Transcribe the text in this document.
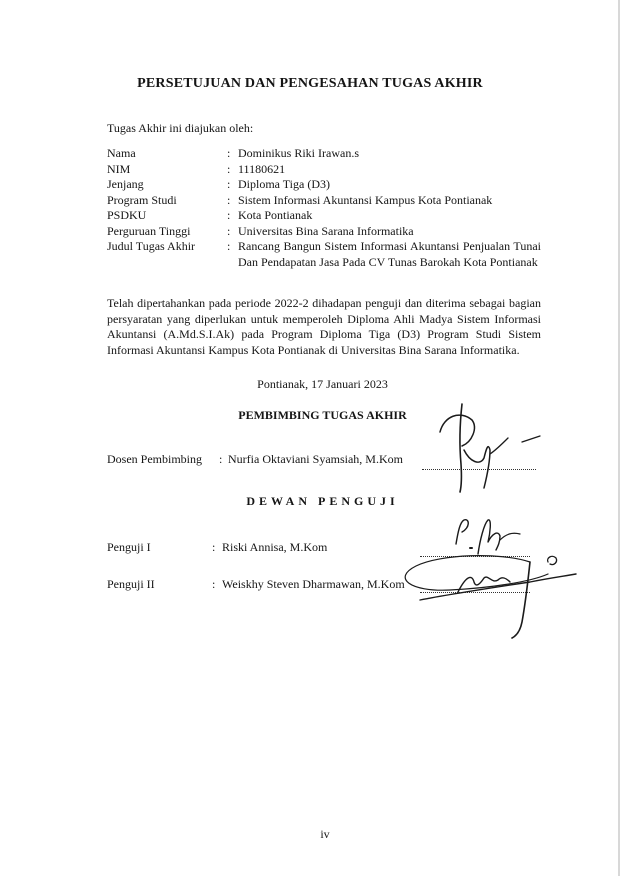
PERSETUJUAN DAN PENGESAHAN TUGAS AKHIR
Tugas Akhir ini diajukan oleh:
Nama	: Dominikus Riki Irawan.s
NIM	: 11180621
Jenjang	: Diploma Tiga (D3)
Program Studi	: Sistem Informasi Akuntansi Kampus Kota Pontianak
PSDKU	: Kota Pontianak
Perguruan Tinggi	: Universitas Bina Sarana Informatika
Judul Tugas Akhir	: Rancang Bangun Sistem Informasi Akuntansi Penjualan Tunai Dan Pendapatan Jasa Pada CV Tunas Barokah Kota Pontianak
Telah dipertahankan pada periode 2022-2 dihadapan penguji dan diterima sebagai bagian persyaratan yang diperlukan untuk memperoleh Diploma Ahli Madya Sistem Informasi Akuntansi (A.Md.S.I.Ak) pada Program Diploma Tiga (D3) Program Studi Sistem Informasi Akuntansi Kampus Kota Pontianak di Universitas Bina Sarana Informatika.
Pontianak, 17 Januari 2023
PEMBIMBING TUGAS AKHIR
Dosen Pembimbing	: Nurfia Oktaviani Syamsiah, M.Kom
DEWAN PENGUJI
Penguji I	: Riski Annisa, M.Kom
Penguji II	: Weiskhy Steven Dharmawan, M.Kom
iv
